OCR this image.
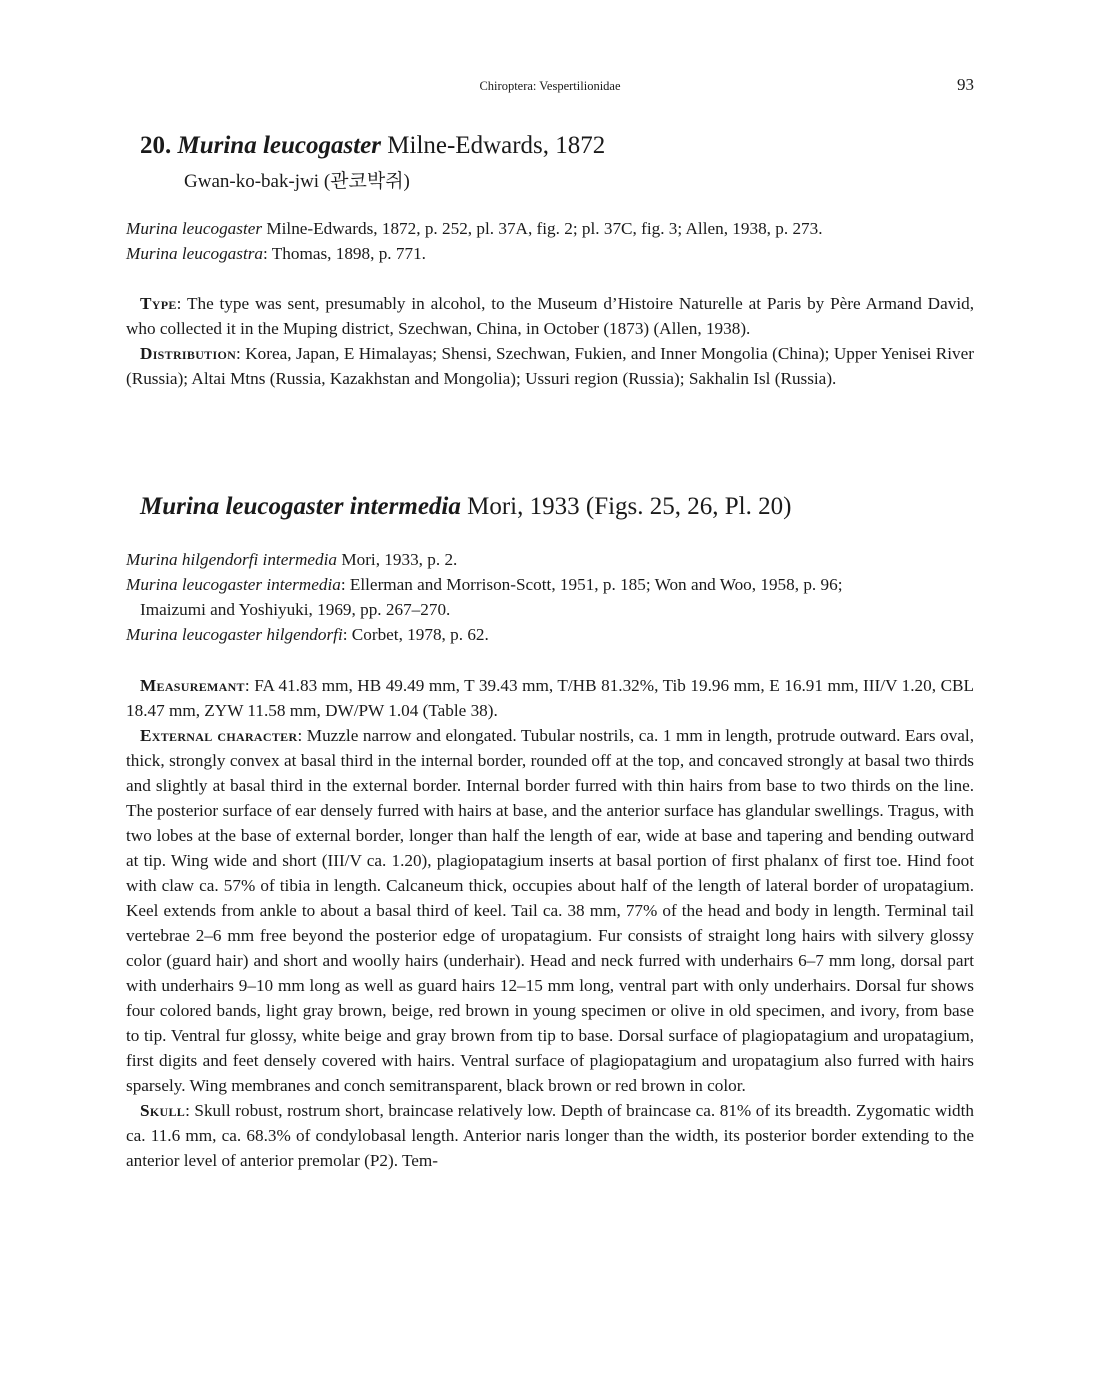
Chiroptera: Vespertilionidae	93
20. Murina leucogaster Milne-Edwards, 1872
Gwan-ko-bak-jwi (관코박쥐)
Murina leucogaster Milne-Edwards, 1872, p. 252, pl. 37A, fig. 2; pl. 37C, fig. 3; Allen, 1938, p. 273.
Murina leucogastra: Thomas, 1898, p. 771.

Type: The type was sent, presumably in alcohol, to the Museum d’Histoire Naturelle at Paris by Père Armand David, who collected it in the Muping district, Szechwan, China, in October (1873) (Allen, 1938).

Distribution: Korea, Japan, E Himalayas; Shensi, Szechwan, Fukien, and Inner Mongolia (China); Upper Yenisei River (Russia); Altai Mtns (Russia, Kazakhstan and Mongolia); Ussuri region (Russia); Sakhalin Isl (Russia).

Murina leucogaster intermedia Mori, 1933 (Figs. 25, 26, Pl. 20)
Murina hilgendorfi intermedia Mori, 1933, p. 2.
Murina leucogaster intermedia: Ellerman and Morrison-Scott, 1951, p. 185; Won and Woo, 1958, p. 96;
Imaizumi and Yoshiyuki, 1969, pp. 267–270.
Murina leucogaster hilgendorfi: Corbet, 1978, p. 62.

Measuremant: FA 41.83 mm, HB 49.49 mm, T 39.43 mm, T/HB 81.32%, Tib 19.96 mm, E 16.91 mm, III/V 1.20, CBL 18.47 mm, ZYW 11.58 mm, DW/PW 1.04 (Table 38).

External character: Muzzle narrow and elongated. Tubular nostrils, ca. 1 mm in length, protrude outward. Ears oval, thick, strongly convex at basal third in the internal border, rounded off at the top, and concaved strongly at basal two thirds and slightly at basal third in the external border. Internal border furred with thin hairs from base to two thirds on the line. The posterior surface of ear densely furred with hairs at base, and the anterior surface has glandular swellings. Tragus, with two lobes at the base of external border, longer than half the length of ear, wide at base and tapering and bending outward at tip. Wing wide and short (III/V ca. 1.20), plagiopatagium inserts at basal portion of first phalanx of first toe. Hind foot with claw ca. 57% of tibia in length. Calcaneum thick, occupies about half of the length of lateral border of uropatagium. Keel extends from ankle to about a basal third of keel. Tail ca. 38 mm, 77% of the head and body in length. Terminal tail vertebrae 2–6 mm free beyond the posterior edge of uropatagium. Fur consists of straight long hairs with silvery glossy color (guard hair) and short and woolly hairs (underhair). Head and neck furred with underhairs 6–7 mm long, dorsal part with underhairs 9–10 mm long as well as guard hairs 12–15 mm long, ventral part with only underhairs. Dorsal fur shows four colored bands, light gray brown, beige, red brown in young specimen or olive in old specimen, and ivory, from base to tip. Ventral fur glossy, white beige and gray brown from tip to base. Dorsal surface of plagiopatagium and uropatagium, first digits and feet densely covered with hairs. Ventral surface of plagiopatagium and uropatagium also furred with hairs sparsely. Wing membranes and conch semitransparent, black brown or red brown in color.

Skull: Skull robust, rostrum short, braincase relatively low. Depth of braincase ca. 81% of its breadth. Zygomatic width ca. 11.6 mm, ca. 68.3% of condylobasal length. Anterior naris longer than the width, its posterior border extending to the anterior level of anterior premolar (P2). Tem-
